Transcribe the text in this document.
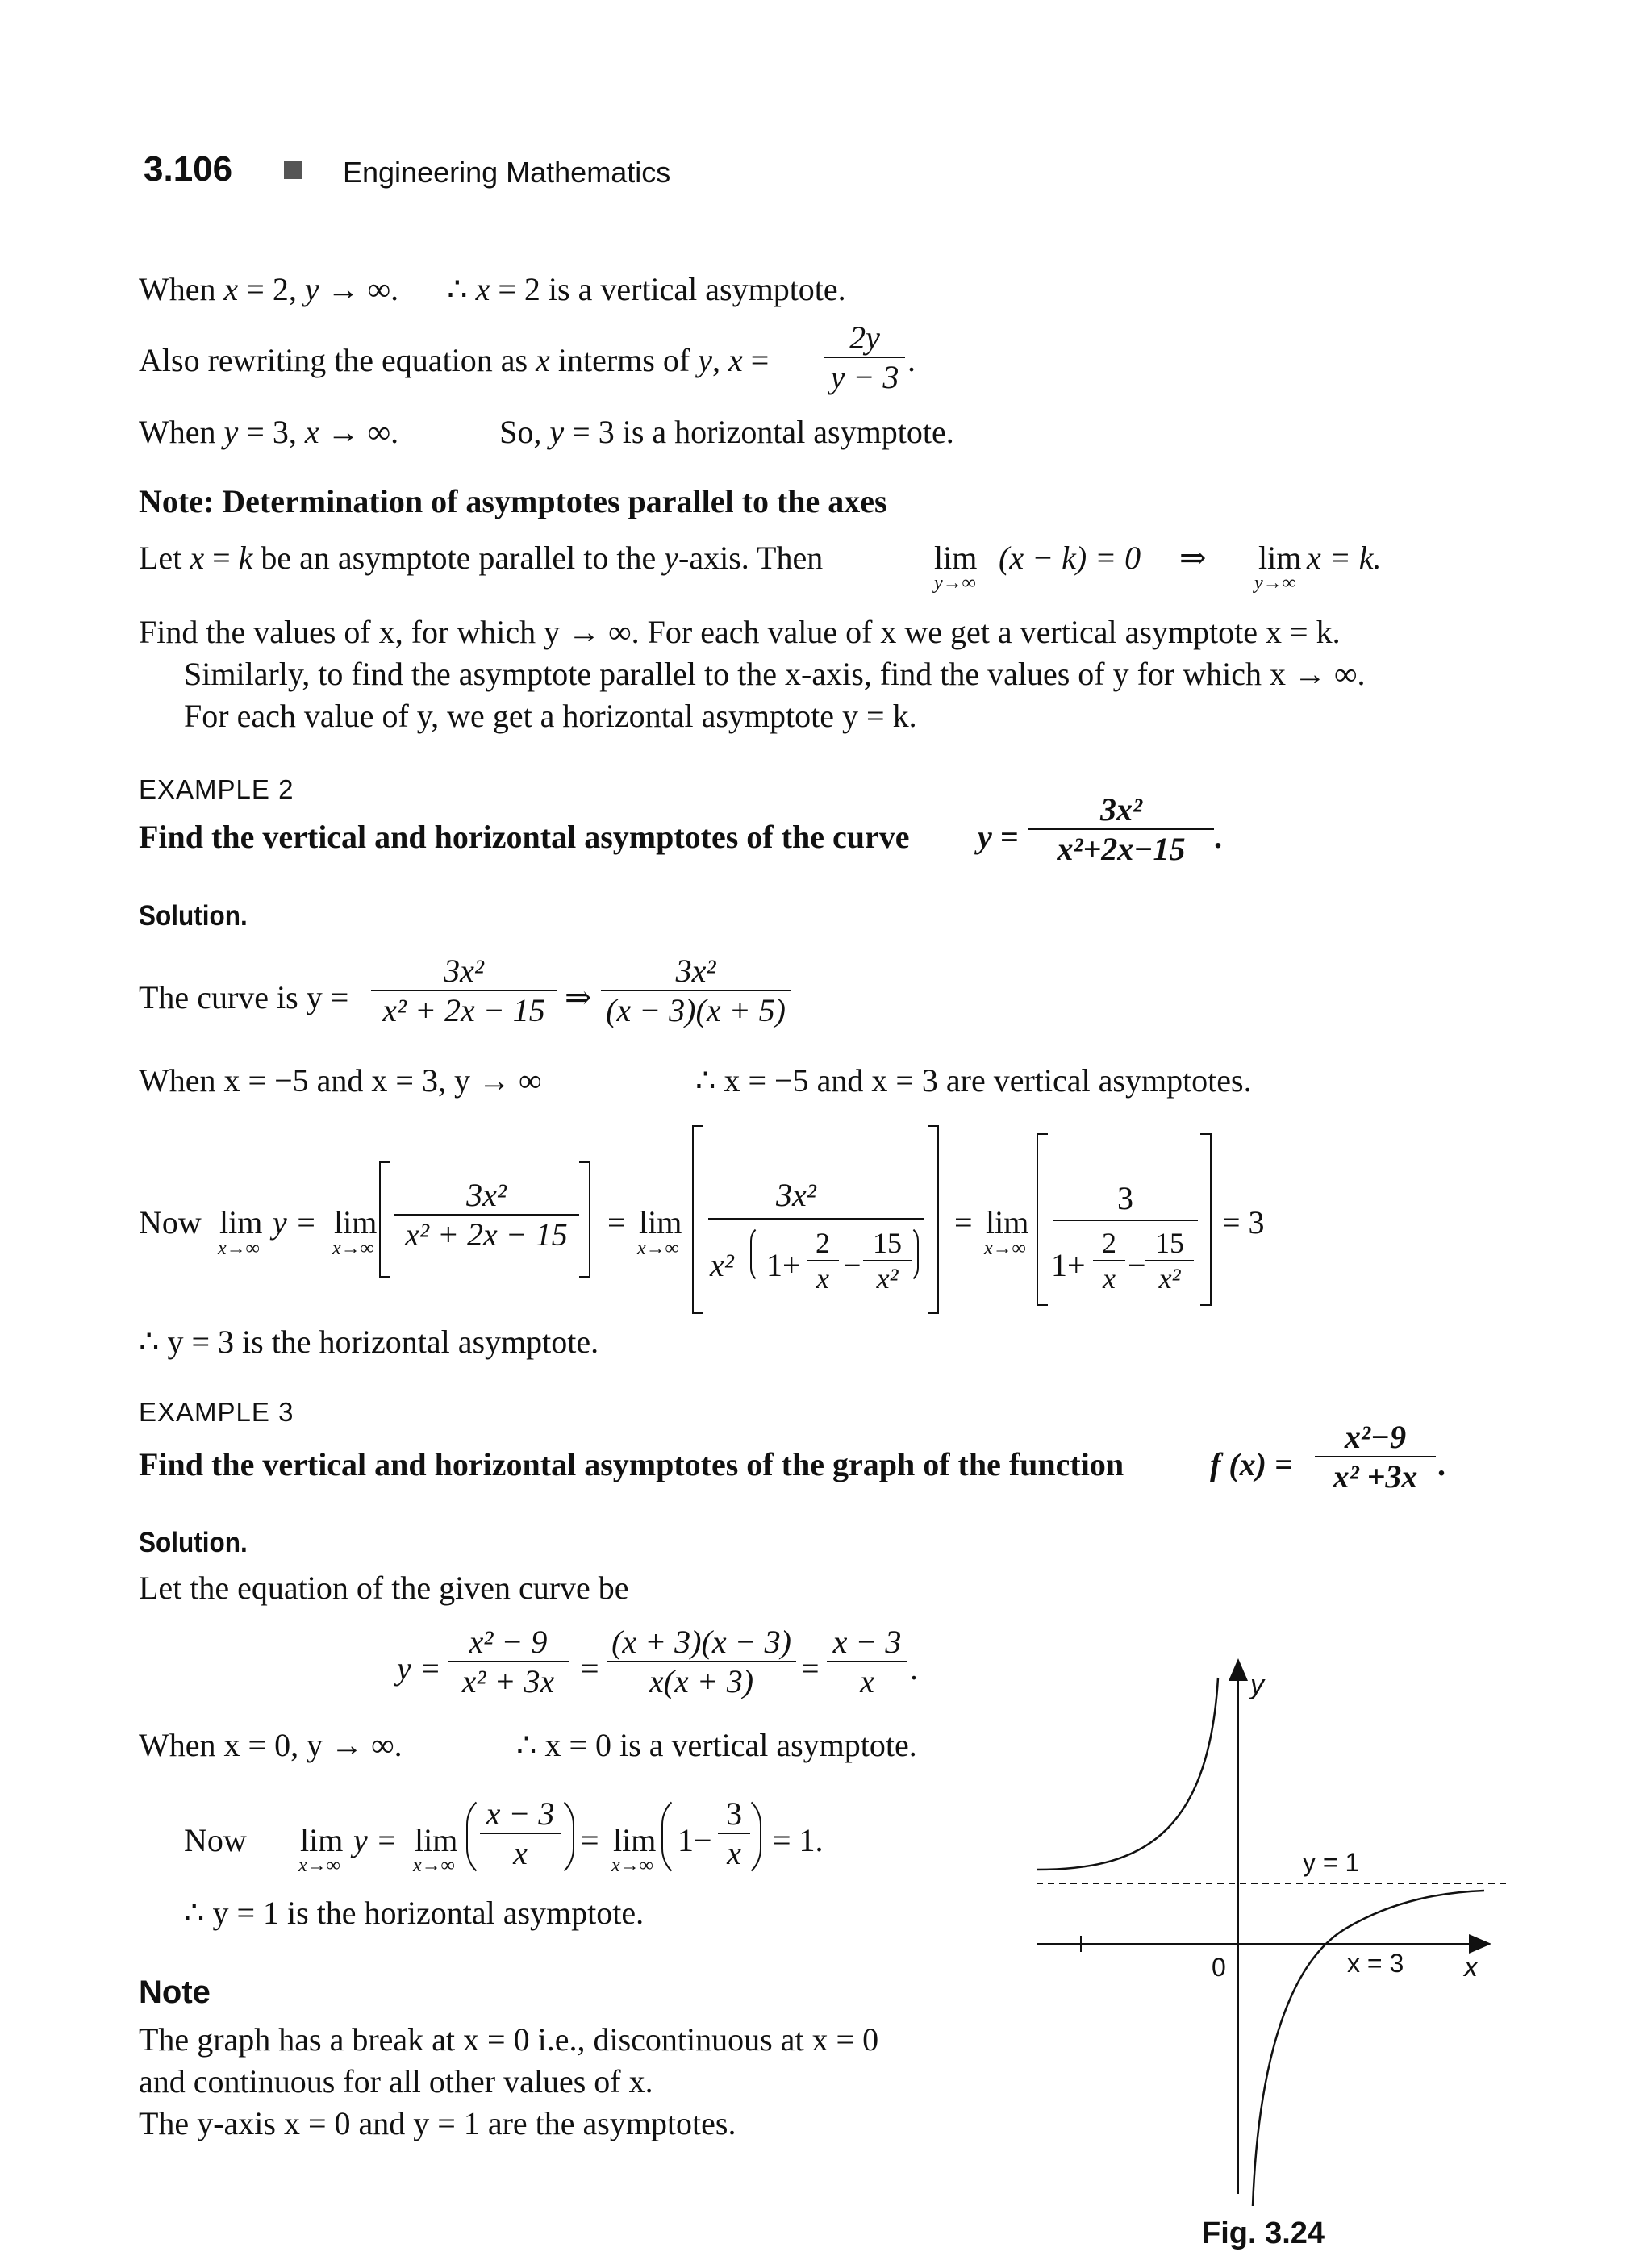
3.106	Engineering Mathematics
When x = 2, y → ∞. ∴ x = 2 is a vertical asymptote.
Also rewriting the equation as x interms of y, x =
2y
y − 3 .
When y = 3, x → ∞.	So, y = 3 is a horizontal asymptote.
Note: Determination of asymptotes parallel to the axes
Let x = k be an asymptote parallel to the y-axis. Then	lim
y→∞
(x − k) = 0 ⇒ lim
y→∞
x = k.
Find the values of x, for which y → ∞. For each value of x we get a vertical asymptote x = k.
Similarly, to find the asymptote parallel to the x-axis, find the values of y for which x → ∞.
For each value of y, we get a horizontal asymptote y = k.
EXAMPLE 2
Find the vertical and horizontal asymptotes of the curve y =
3x²
x²+2x−15 .
Solution.
The curve is y =
3x²
x² + 2x − 15 ⇒
3x²
(x − 3)(x + 5)
When x = −5 and x = 3, y → ∞	∴ x = −5 and x = 3 are vertical asymptotes.
Now lim
x→∞
y = lim
x→∞
3x²
x² + 2x − 15	= lim
x→∞
3x²
x² 1+
2
x −
15
x²
= lim
x→∞
3
1+
2
x −
15
x²
= 3
∴ y = 3 is the horizontal asymptote.
EXAMPLE 3
Find the vertical and horizontal asymptotes of the graph of the function	f (x) =
x²−9
x² +3x .
Solution.
Let the equation of the given curve be
y =
x² − 9
x² + 3x =
(x + 3)(x − 3)
x(x + 3)	=
x − 3
x	.
When x = 0, y → ∞.	∴ x = 0 is a vertical asymptote.
Now lim
x→∞
y = lim
x→∞
x − 3
x	= lim
x→∞
1−
3
x = 1.
∴ y = 1 is the horizontal asymptote.
Note
The graph has a break at x = 0 i.e., discontinuous at x = 0
and continuous for all other values of x.
The y-axis x = 0 and y = 1 are the asymptotes.
y
x
0
y = 1
x = 3
Fig. 3.24
